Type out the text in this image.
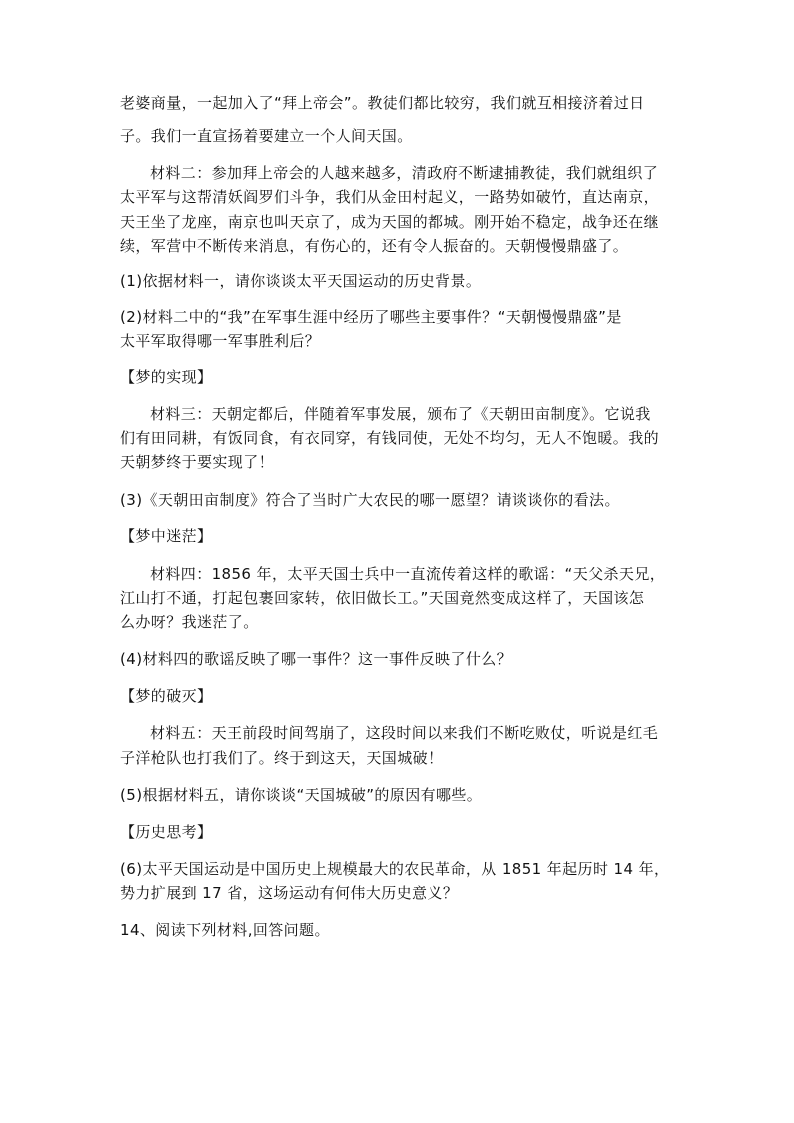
老婆商量，一起加入了“拜上帝会”。教徒们都比较穷，我们就互相接济着过日
子。我们一直宣扬着要建立一个人间天国。
材料二：参加拜上帝会的人越来越多，清政府不断逮捕教徒，我们就组织了
太平军与这帮清妖阎罗们斗争，我们从金田村起义，一路势如破竹，直达南京，
天王坐了龙座，南京也叫天京了，成为天国的都城。刚开始不稳定，战争还在继
续，军营中不断传来消息，有伤心的，还有令人振奋的。天朝慢慢鼎盛了。
(1)依据材料一，请你谈谈太平天国运动的历史背景。
(2)材料二中的“我”在军事生涯中经历了哪些主要事件？“天朝慢慢鼎盛”是
太平军取得哪一军事胜利后？
【梦的实现】
材料三：天朝定都后，伴随着军事发展，颁布了《天朝田亩制度》。它说我
们有田同耕，有饭同食，有衣同穿，有钱同使，无处不均匀，无人不饱暖。我的
天朝梦终于要实现了！
(3)《天朝田亩制度》符合了当时广大农民的哪一愿望？请谈谈你的看法。
【梦中迷茫】
材料四：1856 年，太平天国士兵中一直流传着这样的歌谣：“天父杀天兄，
江山打不通，打起包裹回家转，依旧做长工。”天国竟然变成这样了，天国该怎
么办呀？我迷茫了。
(4)材料四的歌谣反映了哪一事件？这一事件反映了什么？
【梦的破灭】
材料五：天王前段时间驾崩了，这段时间以来我们不断吃败仗，听说是红毛
子洋枪队也打我们了。终于到这天，天国城破！
(5)根据材料五，请你谈谈“天国城破”的原因有哪些。
【历史思考】
(6)太平天国运动是中国历史上规模最大的农民革命，从 1851 年起历时 14 年，
势力扩展到 17 省，这场运动有何伟大历史意义？
14、阅读下列材料,回答问题。
